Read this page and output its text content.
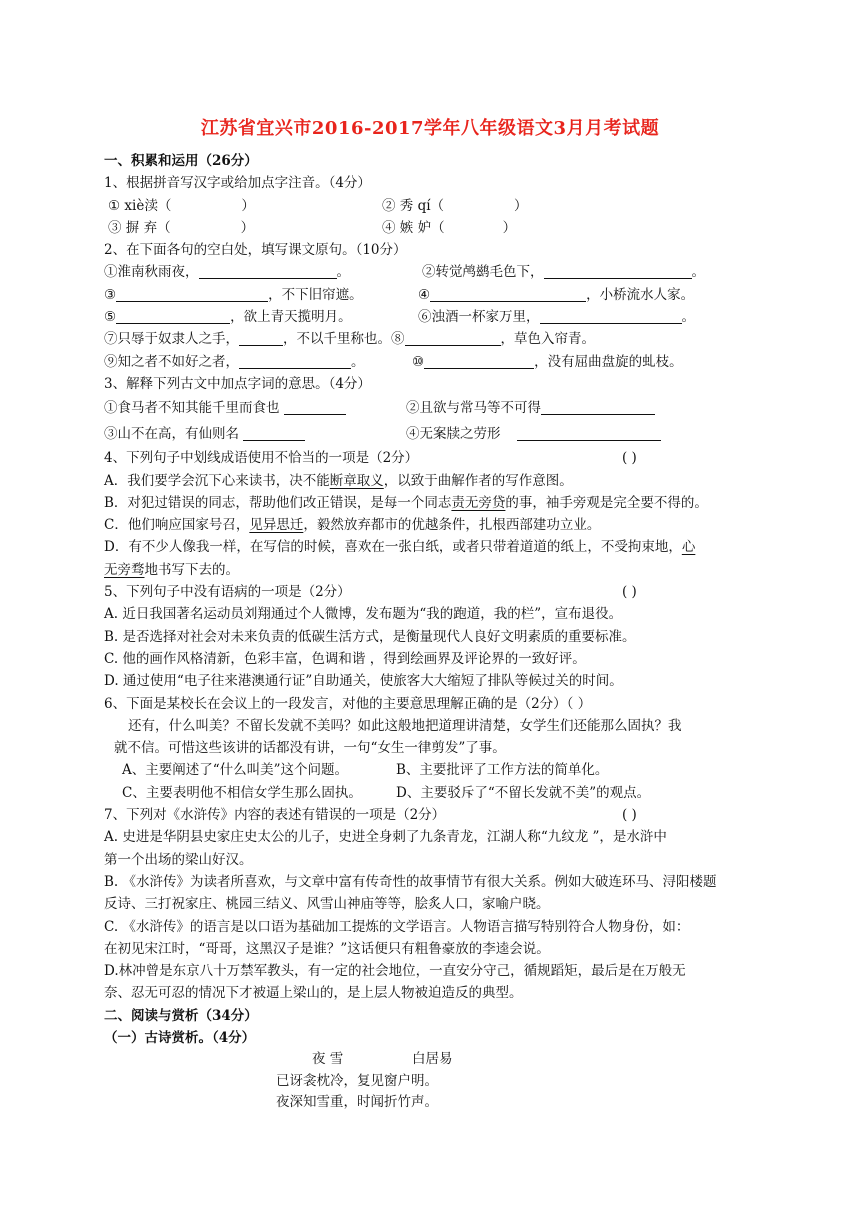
江苏省宜兴市2016-2017学年八年级语文3月月考试题
一、积累和运用（26分）
1、根据拼音写汉字或给加点字注音。（4分）
① xiè渎（	）	② 秀 qí（	）
③ 摒 弃（	）	④ 嫉 妒（	）
2、在下面各句的空白处，填写课文原句。（10分）
①淮南秋雨夜，	。	②转觉鸬鹚毛色下，	。
③	，不下旧帘遮。	④	，小桥流水人家。
⑤	，欲上青天揽明月。	⑥浊酒一杯家万里，	。
⑦只辱于奴隶人之手，	，不以千里称也。⑧	，草色入帘青。
⑨知之者不如好之者，	。	⑩	，没有屈曲盘旋的虬枝。
3、解释下列古文中加点字词的意思。（4分）
①食马者不知其能千里而食也	②且欲与常马等不可得
③山不在高，有仙则名	④无案牍之劳形
4、下列句子中划线成语使用不恰当的一项是（2分）	( )
A．我们要学会沉下心来读书，决不能断章取义，以致于曲解作者的写作意图。
B．对犯过错误的同志，帮助他们改正错误，是每一个同志责无旁贷的事，袖手旁观是完全要不得的。
C．他们响应国家号召，见异思迁，毅然放弃都市的优越条件，扎根西部建功立业。
D．有不少人像我一样，在写信的时候，喜欢在一张白纸，或者只带着道道的纸上，不受拘束地，心
无旁骛地书写下去的。
5、下列句子中没有语病的一项是（2分）	( )
A. 近日我国著名运动员刘翔通过个人微博，发布题为“我的跑道，我的栏”，宣布退役。
B. 是否选择对社会对未来负责的低碳生活方式，是衡量现代人良好文明素质的重要标准。
C. 他的画作风格清新，色彩丰富，色调和谐 ，得到绘画界及评论界的一致好评。
D. 通过使用“电子往来港澳通行证”自助通关，使旅客大大缩短了排队等候过关的时间。
6、下面是某校长在会议上的一段发言，对他的主要意思理解正确的是（2分）（ ）
还有，什么叫美？不留长发就不美吗？如此这般地把道理讲清楚，女学生们还能那么固执？我
就不信。可惜这些该讲的话都没有讲，一句“女生一律剪发”了事。
A、主要阐述了“什么叫美”这个问题。	B、主要批评了工作方法的简单化。
C、主要表明他不相信女学生那么固执。	D、主要驳斥了“不留长发就不美”的观点。
7、下列对《水浒传》内容的表述有错误的一项是（2分）	( )
A. 史进是华阴县史家庄史太公的儿子，史进全身刺了九条青龙，江湖人称“九纹龙 ”，是水浒中
第一个出场的梁山好汉。
B. 《水浒传》为读者所喜欢，与文章中富有传奇性的故事情节有很大关系。例如大破连环马、浔阳楼题
反诗、三打祝家庄、桃园三结义、风雪山神庙等等，脍炙人口，家喻户晓。
C. 《水浒传》的语言是以口语为基础加工提炼的文学语言。人物语言描写特别符合人物身份，如：
在初见宋江时，“哥哥，这黑汉子是谁？”这话便只有粗鲁豪放的李逵会说。
D.林冲曾是东京八十万禁军教头，有一定的社会地位，一直安分守己，循规蹈矩，最后是在万般无
奈、忍无可忍的情况下才被逼上梁山的，是上层人物被迫造反的典型。
二、阅读与赏析（34分）
（一）古诗赏析。（4分）
夜 雪	白居易
已讶衾枕冷，复见窗户明。
夜深知雪重，时闻折竹声。
